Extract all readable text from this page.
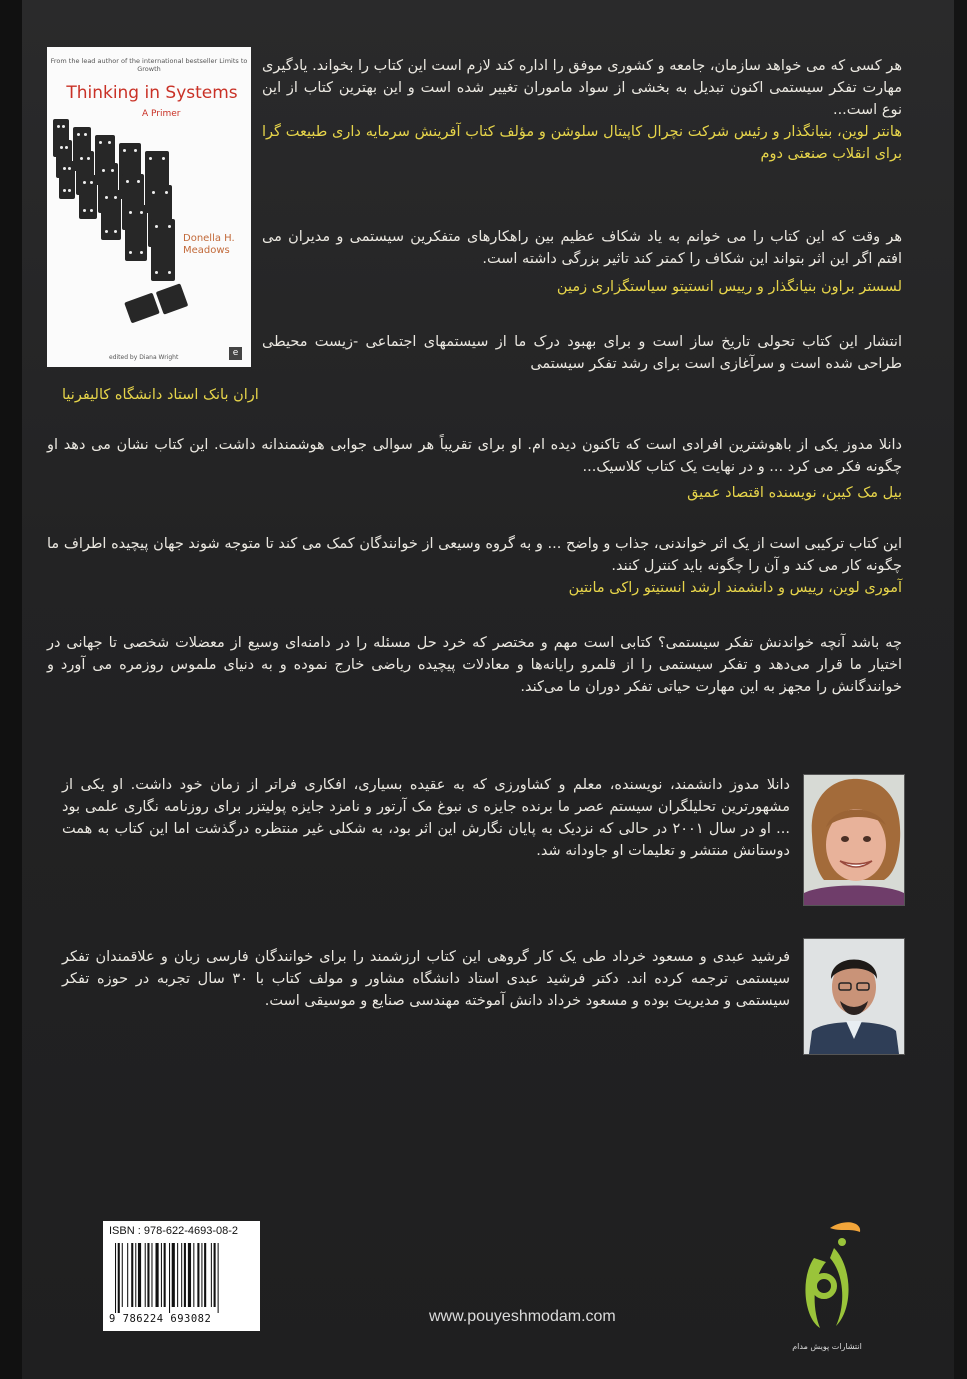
From the lead author of the international bestseller Limits to Growth
Thinking in Systems
A Primer
Donella H.
Meadows
edited by Diana Wright	e
هر کسی که می خواهد سازمان، جامعه و کشوری موفق را اداره کند لازم است این کتاب را بخواند. یادگیری مهارت تفکر سیستمی اکنون تبدیل به بخشی از سواد ماموران تغییر شده است و این بهترین کتاب از این نوع است...
هانتر لوین، بنیانگذار و رئیس شرکت نچرال کاپیتال سلوشن و مؤلف کتاب آفرینش سرمایه داری طبیعت گرا برای انقلاب صنعتی دوم
هر وقت که این کتاب را می خوانم به یاد شکاف عظیم بین راهکارهای متفکرین سیستمی و مدیران می افتم اگر این اثر بتواند این شکاف را کمتر کند تاثیر بزرگی داشته است.
لسستر براون بنیانگذار و رییس انستیتو سیاستگزاری زمین
انتشار این کتاب تحولی تاریخ ساز است و برای بهبود درک ما از سیستمهای اجتماعی -زیست محیطی طراحی شده است و سرآغازی است برای رشد تفکر سیستمی
اران بانک استاد دانشگاه کالیفرنیا
دانلا مدوز یکی از باهوشترین افرادی است که تاکنون دیده ام. او برای تقریباً هر سوالی جوابی هوشمندانه داشت. این کتاب نشان می دهد او چگونه فکر می کرد ... و در نهایت یک کتاب کلاسیک...
بیل مک کیبن، نویسنده اقتصاد عمیق
این کتاب ترکیبی است از یک اثر خواندنی، جذاب و واضح ... و به گروه وسیعی از خوانندگان کمک می کند تا متوجه شوند جهان پیچیده اطراف ما چگونه کار می کند و آن را چگونه باید کنترل کنند.
آموری لوین، رییس و دانشمند ارشد انستیتو راکی مانتین
چه باشد آنچه خواندنش تفکر سیستمی؟ کتابی است مهم و مختصر که خرد حل مسئله را در دامنه‌ای وسیع از معضلات شخصی تا جهانی در اختیار ما قرار می‌دهد و تفکر سیستمی را از قلمرو رایانه‌ها و معادلات پیچیده ریاضی خارج نموده و به دنیای ملموس روزمره می آورد و خوانندگانش را مجهز به این مهارت حیاتی تفکر دوران ما می‌کند.
دانلا مدوز دانشمند، نویسنده، معلم و کشاورزی که به عقیده بسیاری، افکاری فراتر از زمان خود داشت. او یکی از مشهورترین تحلیلگران سیستم عصر ما برنده جایزه ی نبوغ مک آرتور و نامزد جایزه پولیتزر برای روزنامه نگاری علمی بود ... او در سال ۲۰۰۱ در حالی که نزدیک به پایان نگارش این اثر بود، به شکلی غیر منتظره درگذشت اما این کتاب به همت دوستانش منتشر و تعلیمات او جاودانه شد.
فرشید عبدی و مسعود خرداد طی یک کار گروهی این کتاب ارزشمند را برای خوانندگان فارسی زبان و علاقمندان تفکر سیستمی ترجمه کرده اند. دکتر فرشید عبدی استاد دانشگاه مشاور و مولف کتاب با ۳۰ سال تجربه در حوزه تفکر سیستمی و مدیریت بوده و مسعود خرداد دانش آموخته مهندسی صنایع و موسیقی است.
ISBN : 978-622-4693-08-2
9 786224 693082	www.pouyeshmodam.com
انتشارات پویش مدام
